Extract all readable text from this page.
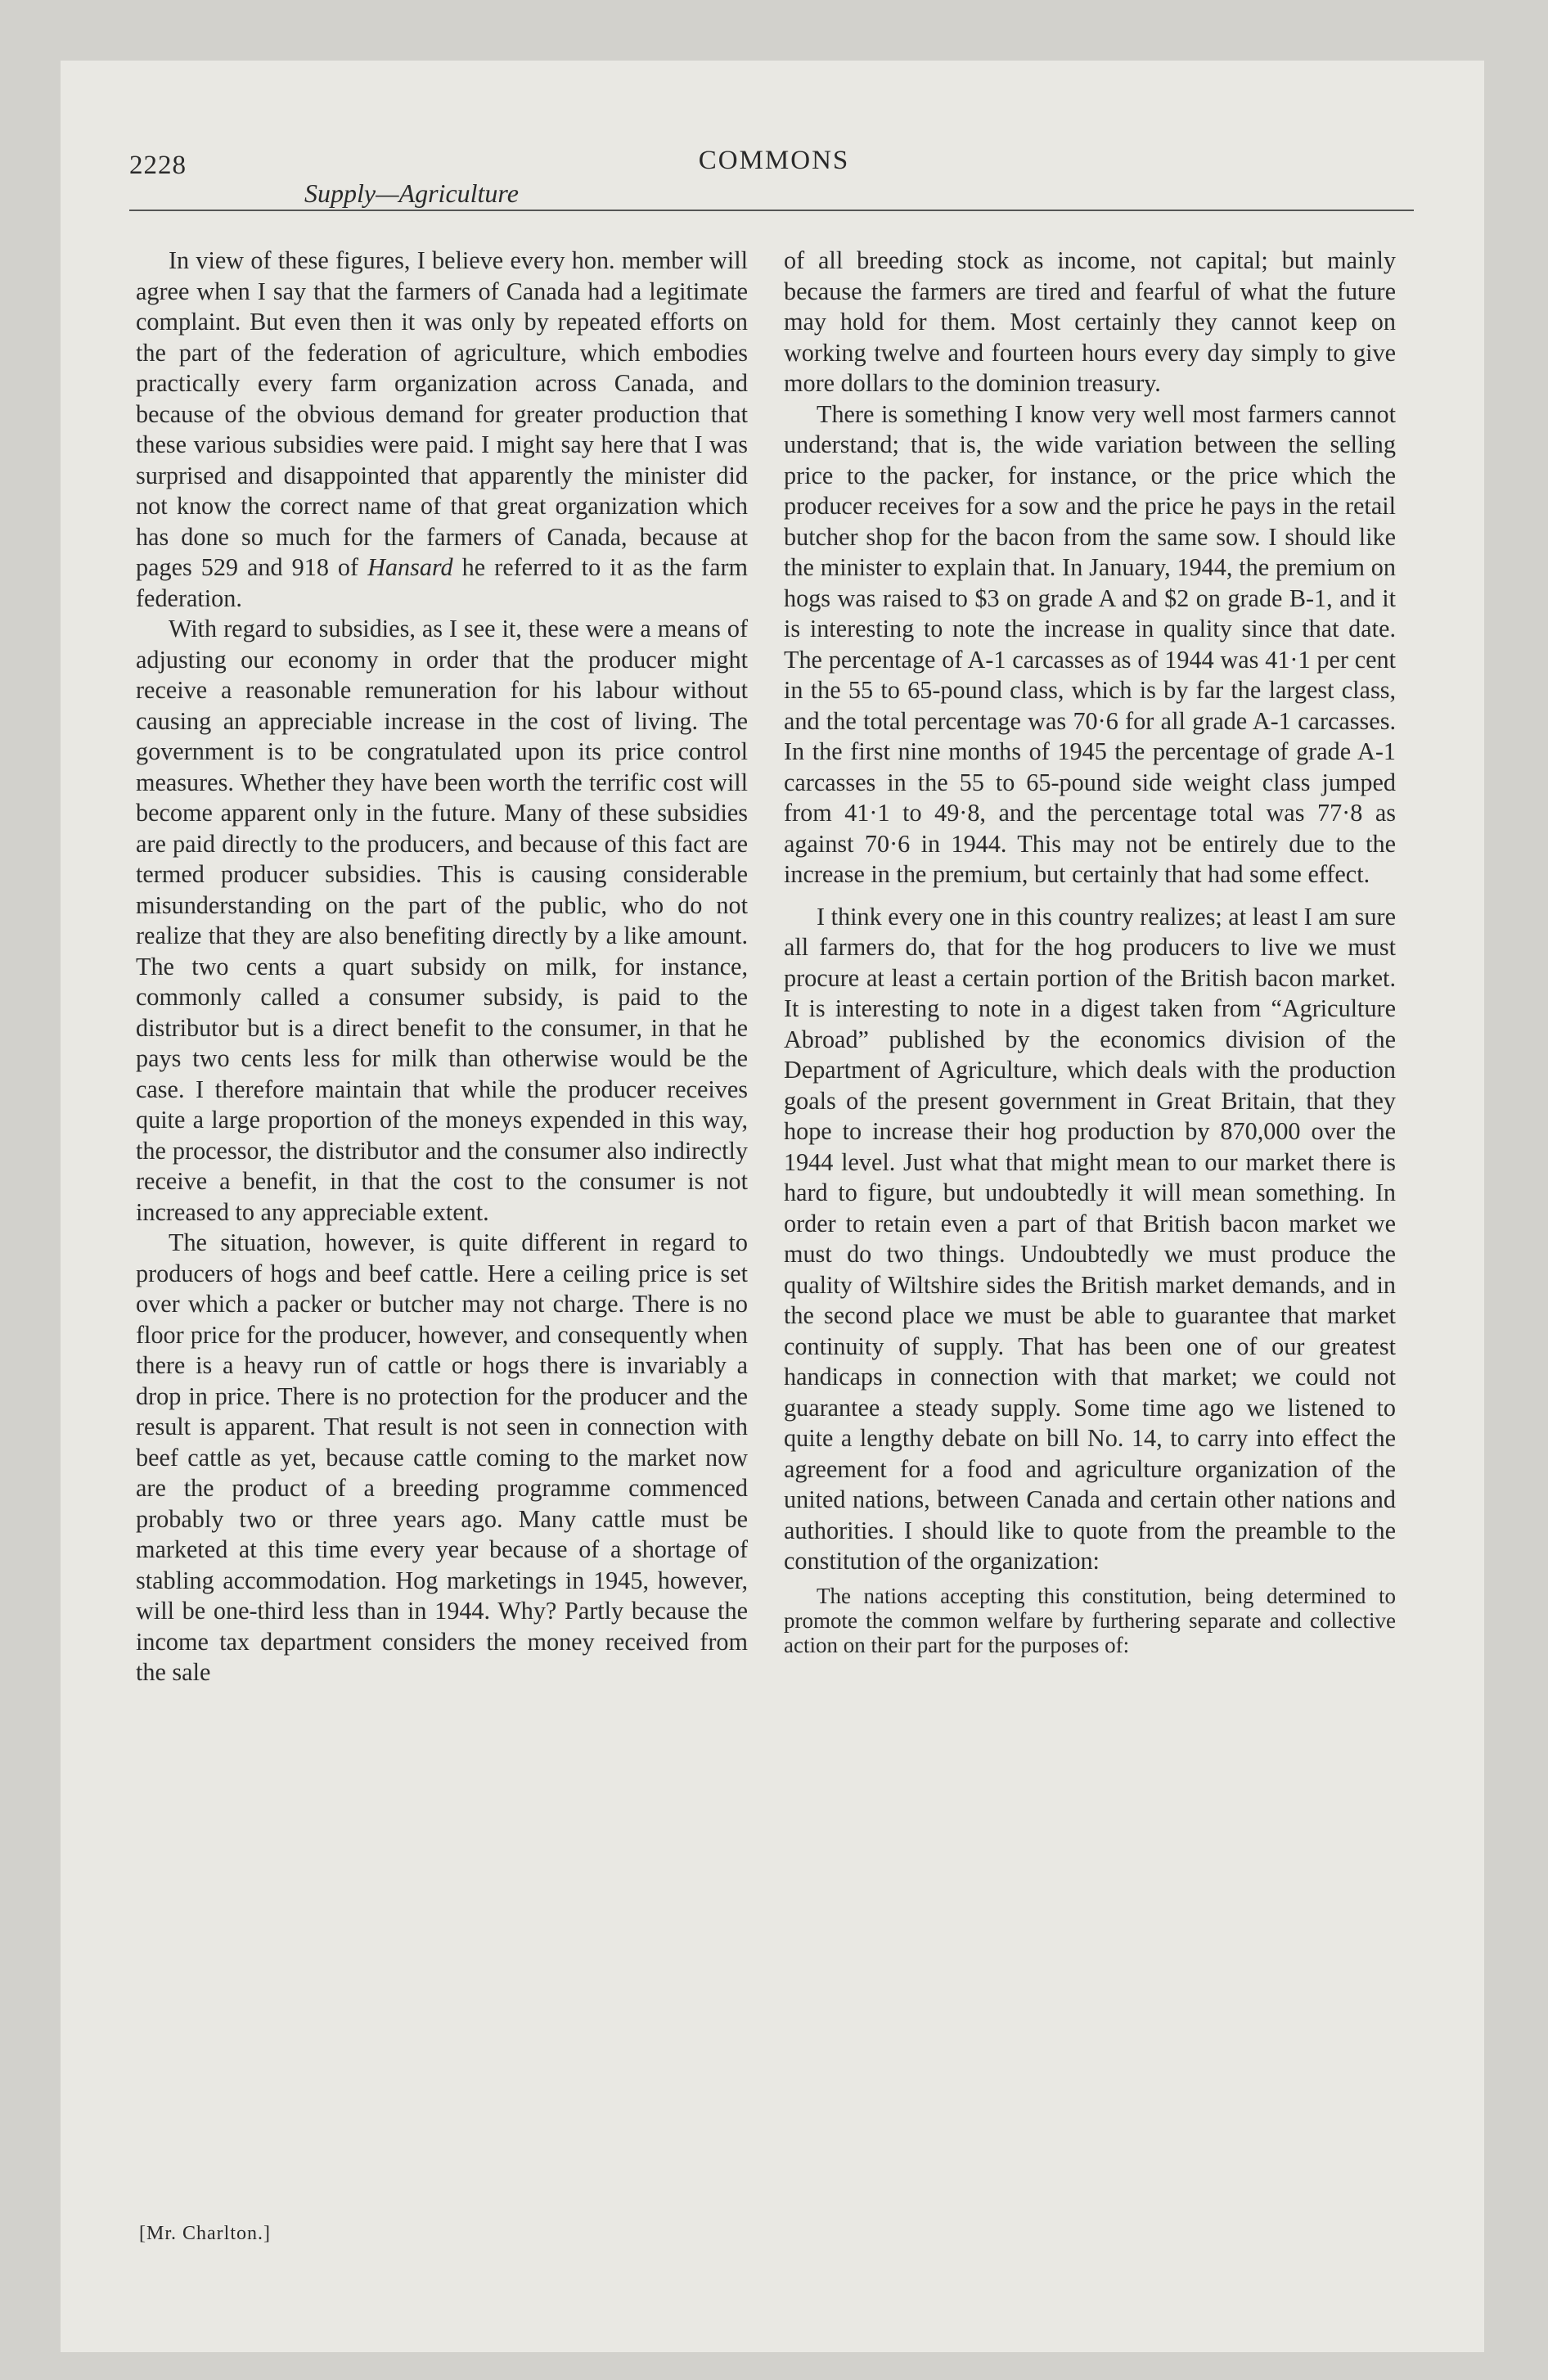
2228	COMMONS
Supply—Agriculture

In view of these figures, I believe every hon. member will agree when I say that the farmers of Canada had a legitimate complaint. But even then it was only by repeated efforts on the part of the federation of agriculture, which embodies practically every farm organization across Canada, and because of the obvious demand for greater production that these various subsidies were paid. I might say here that I was surprised and disappointed that apparently the minister did not know the correct name of that great organization which has done so much for the farmers of Canada, because at pages 529 and 918 of Hansard he referred to it as the farm federation.

With regard to subsidies, as I see it, these were a means of adjusting our economy in order that the producer might receive a reasonable remuneration for his labour without causing an appreciable increase in the cost of living. The government is to be congratulated upon its price control measures. Whether they have been worth the terrific cost will become apparent only in the future. Many of these subsidies are paid directly to the producers, and because of this fact are termed producer subsidies. This is causing considerable misunderstanding on the part of the public, who do not realize that they are also benefiting directly by a like amount. The two cents a quart subsidy on milk, for instance, commonly called a consumer subsidy, is paid to the distributor but is a direct benefit to the consumer, in that he pays two cents less for milk than otherwise would be the case. I therefore maintain that while the producer receives quite a large proportion of the moneys expended in this way, the processor, the distributor and the consumer also indirectly receive a benefit, in that the cost to the consumer is not increased to any appreciable extent.

The situation, however, is quite different in regard to producers of hogs and beef cattle. Here a ceiling price is set over which a packer or butcher may not charge. There is no floor price for the producer, however, and consequently when there is a heavy run of cattle or hogs there is invariably a drop in price. There is no protection for the producer and the result is apparent. That result is not seen in connection with beef cattle as yet, because cattle coming to the market now are the product of a breeding programme commenced probably two or three years ago. Many cattle must be marketed at this time every year because of a shortage of stabling accommodation. Hog marketings in 1945, however, will be one-third less than in 1944. Why? Partly because the income tax department considers the money received from the sale

of all breeding stock as income, not capital; but mainly because the farmers are tired and fearful of what the future may hold for them. Most certainly they cannot keep on working twelve and fourteen hours every day simply to give more dollars to the dominion treasury.

There is something I know very well most farmers cannot understand; that is, the wide variation between the selling price to the packer, for instance, or the price which the producer receives for a sow and the price he pays in the retail butcher shop for the bacon from the same sow. I should like the minister to explain that. In January, 1944, the premium on hogs was raised to $3 on grade A and $2 on grade B-1, and it is interesting to note the increase in quality since that date. The percentage of A-1 carcasses as of 1944 was 41·1 per cent in the 55 to 65-pound class, which is by far the largest class, and the total percentage was 70·6 for all grade A-1 carcasses. In the first nine months of 1945 the percentage of grade A-1 carcasses in the 55 to 65-pound side weight class jumped from 41·1 to 49·8, and the percentage total was 77·8 as against 70·6 in 1944. This may not be entirely due to the increase in the premium, but certainly that had some effect.

I think every one in this country realizes; at least I am sure all farmers do, that for the hog producers to live we must procure at least a certain portion of the British bacon market. It is interesting to note in a digest taken from “Agriculture Abroad” published by the economics division of the Department of Agriculture, which deals with the production goals of the present government in Great Britain, that they hope to increase their hog production by 870,000 over the 1944 level. Just what that might mean to our market there is hard to figure, but undoubtedly it will mean something. In order to retain even a part of that British bacon market we must do two things. Undoubtedly we must produce the quality of Wiltshire sides the British market demands, and in the second place we must be able to guarantee that market continuity of supply. That has been one of our greatest handicaps in connection with that market; we could not guarantee a steady supply. Some time ago we listened to quite a lengthy debate on bill No. 14, to carry into effect the agreement for a food and agriculture organization of the united nations, between Canada and certain other nations and authorities. I should like to quote from the preamble to the constitution of the organization:

The nations accepting this constitution, being determined to promote the common welfare by furthering separate and collective action on their part for the purposes of:

[Mr. Charlton.]
